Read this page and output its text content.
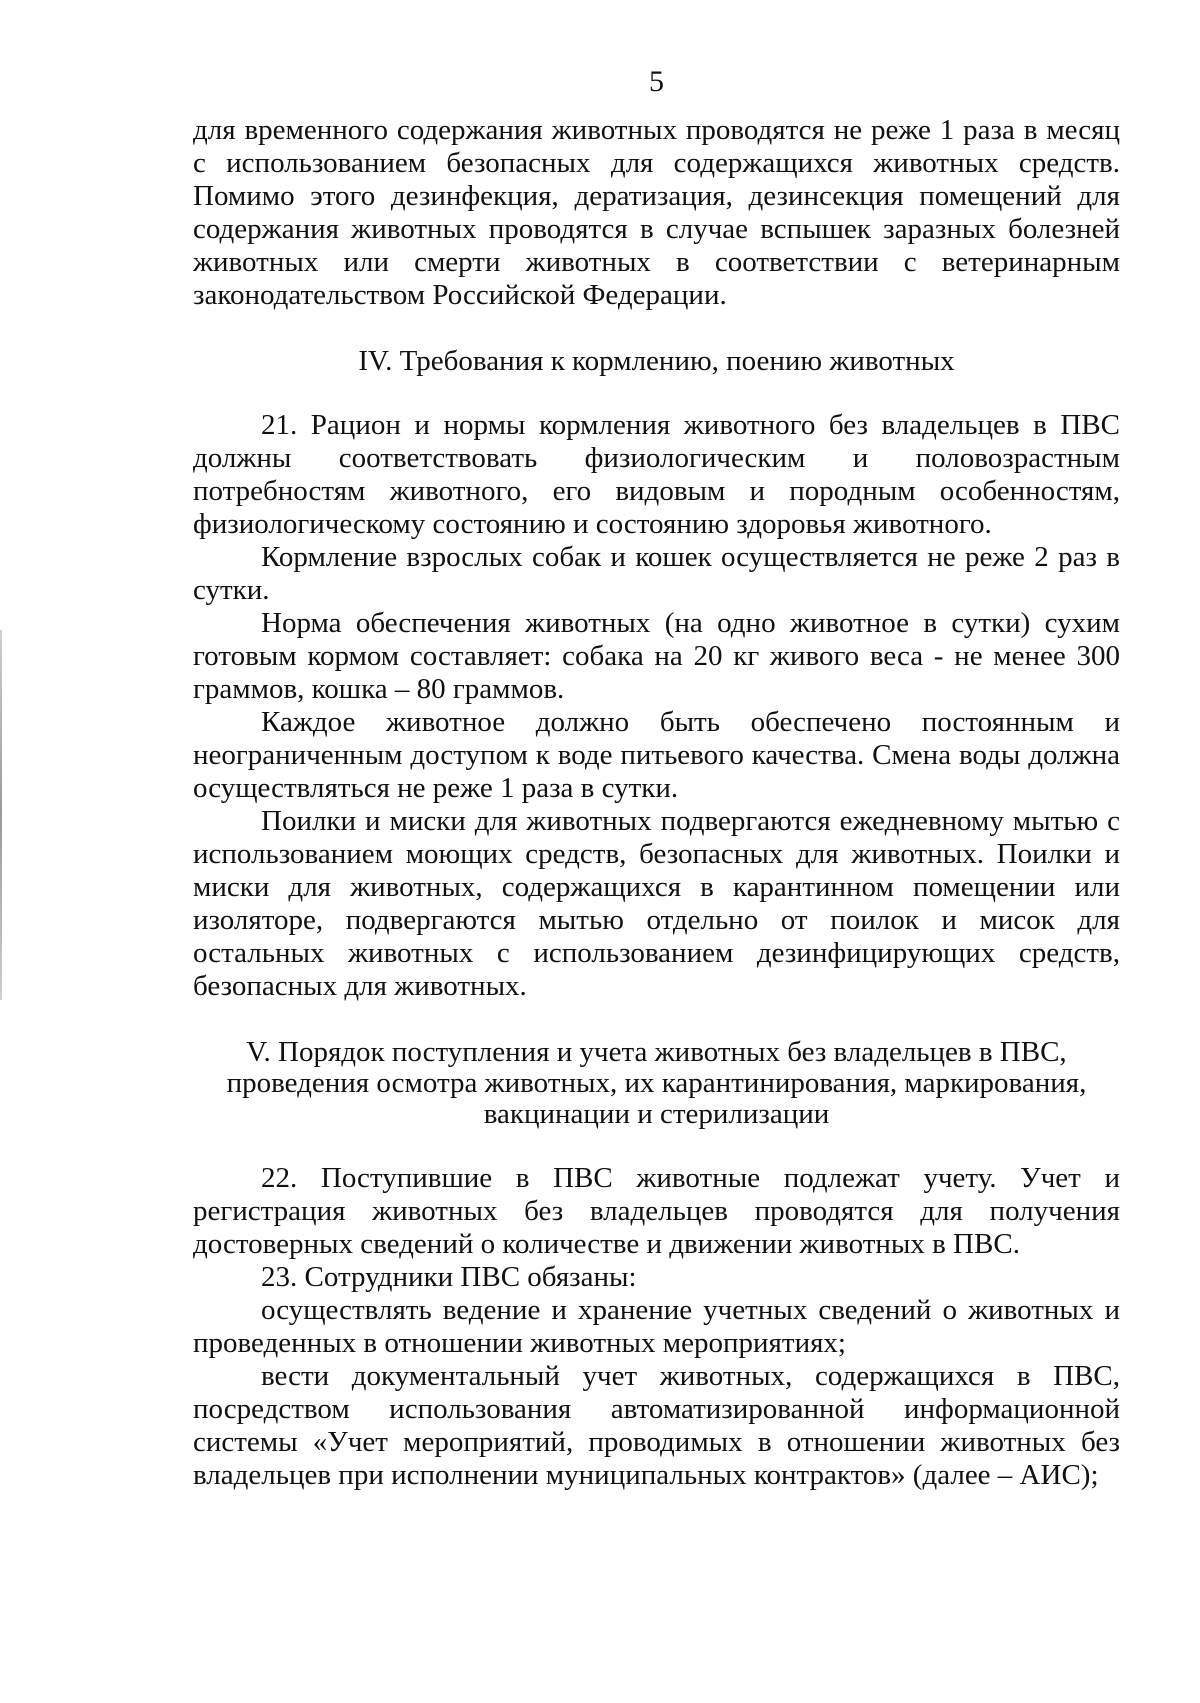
5

для временного содержания животных проводятся не реже 1 раза в месяц с использованием безопасных для содержащихся животных средств. Помимо этого дезинфекция, дератизация, дезинсекция помещений для содержания животных проводятся в случае вспышек заразных болезней животных или смерти животных в соответствии с ветеринарным законодательством Российской Федерации.

IV. Требования к кормлению, поению животных

21. Рацион и нормы кормления животного без владельцев в ПВС должны соответствовать физиологическим и половозрастным потребностям животного, его видовым и породным особенностям, физиологическому состоянию и состоянию здоровья животного.

Кормление взрослых собак и кошек осуществляется не реже 2 раз в сутки.

Норма обеспечения животных (на одно животное в сутки) сухим готовым кормом составляет: собака на 20 кг живого веса - не менее 300 граммов, кошка – 80 граммов.

Каждое животное должно быть обеспечено постоянным и неограниченным доступом к воде питьевого качества. Смена воды должна осуществляться не реже 1 раза в сутки.

Поилки и миски для животных подвергаются ежедневному мытью с использованием моющих средств, безопасных для животных. Поилки и миски для животных, содержащихся в карантинном помещении или изоляторе, подвергаются мытью отдельно от поилок и мисок для остальных животных с использованием дезинфицирующих средств, безопасных для животных.

V. Порядок поступления и учета животных без владельцев в ПВС,
проведения осмотра животных, их карантинирования, маркирования,
вакцинации и стерилизации

22. Поступившие в ПВС животные подлежат учету. Учет и регистрация животных без владельцев проводятся для получения достоверных сведений о количестве и движении животных в ПВС.

23. Сотрудники ПВС обязаны:

осуществлять ведение и хранение учетных сведений о животных и проведенных в отношении животных мероприятиях;

вести документальный учет животных, содержащихся в ПВС, посредством использования автоматизированной информационной системы «Учет мероприятий, проводимых в отношении животных без владельцев при исполнении муниципальных контрактов» (далее – АИС);
